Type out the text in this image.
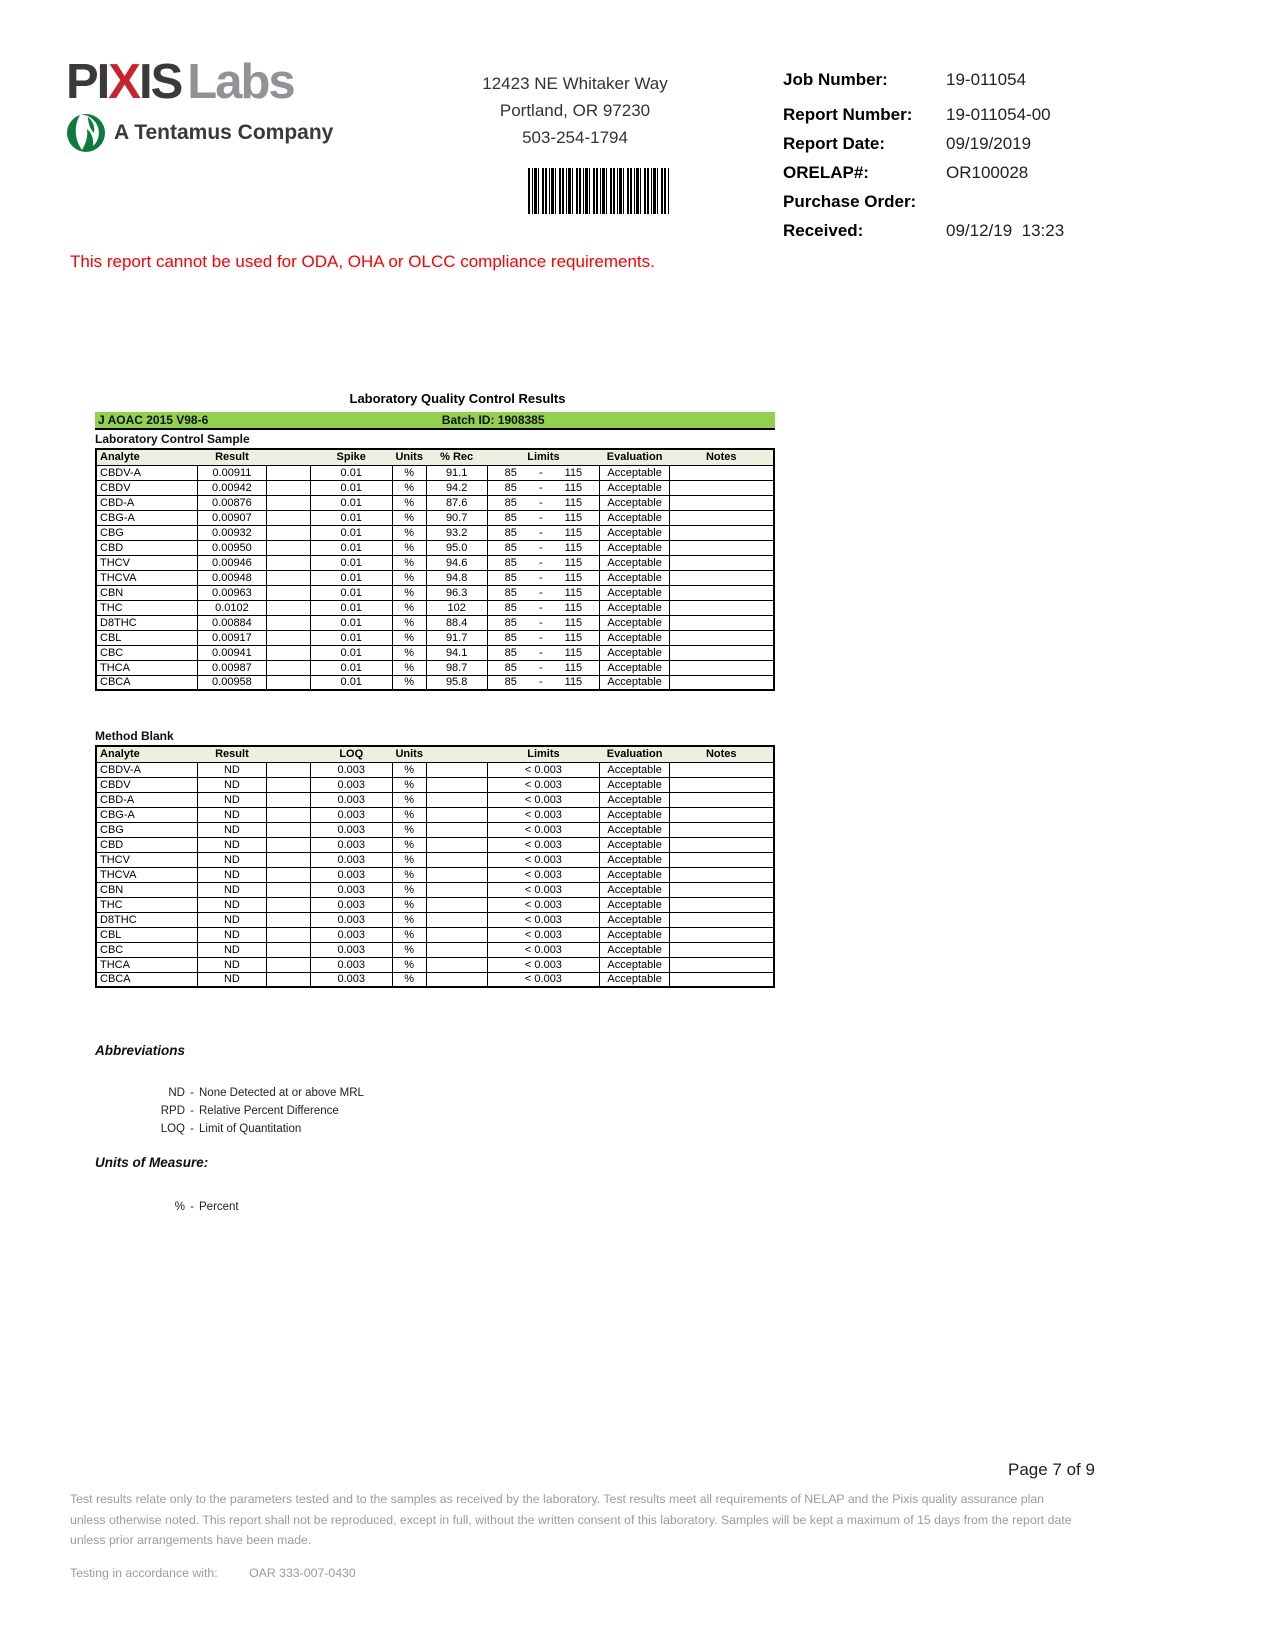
PIXIS Labs
A Tentamus Company
12423 NE Whitaker Way
Portland, OR 97230
503-254-1794
Job Number:	19-011054
Report Number:	19-011054-00
Report Date:	09/19/2019
ORELAP#:	OR100028
Purchase Order:
Received:	09/12/19  13:23
This report cannot be used for ODA, OHA or OLCC compliance requirements.
Laboratory Quality Control Results
J AOAC 2015 V98-6	Batch ID: 1908385
Laboratory Control Sample
Analyte	Result		Spike	Units	% Rec	Limits	Evaluation	Notes
CBDV-A	0.00911		0.01	%	91.1	85 - 115	Acceptable	
CBDV	0.00942		0.01	%	94.2	85 - 115	Acceptable	
CBD-A	0.00876		0.01	%	87.6	85 - 115	Acceptable	
CBG-A	0.00907		0.01	%	90.7	85 - 115	Acceptable	
CBG	0.00932		0.01	%	93.2	85 - 115	Acceptable	
CBD	0.00950		0.01	%	95.0	85 - 115	Acceptable	
THCV	0.00946		0.01	%	94.6	85 - 115	Acceptable	
THCVA	0.00948		0.01	%	94.8	85 - 115	Acceptable	
CBN	0.00963		0.01	%	96.3	85 - 115	Acceptable	
THC	0.0102		0.01	%	102	85 - 115	Acceptable	
D8THC	0.00884		0.01	%	88.4	85 - 115	Acceptable	
CBL	0.00917		0.01	%	91.7	85 - 115	Acceptable	
CBC	0.00941		0.01	%	94.1	85 - 115	Acceptable	
THCA	0.00987		0.01	%	98.7	85 - 115	Acceptable	
CBCA	0.00958		0.01	%	95.8	85 - 115	Acceptable	
Method Blank
Analyte	Result		LOQ	Units		Limits	Evaluation	Notes
CBDV-A	ND		0.003	%		< 0.003	Acceptable	
CBDV	ND		0.003	%		< 0.003	Acceptable	
CBD-A	ND		0.003	%		< 0.003	Acceptable	
CBG-A	ND		0.003	%		< 0.003	Acceptable	
CBG	ND		0.003	%		< 0.003	Acceptable	
CBD	ND		0.003	%		< 0.003	Acceptable	
THCV	ND		0.003	%		< 0.003	Acceptable	
THCVA	ND		0.003	%		< 0.003	Acceptable	
CBN	ND		0.003	%		< 0.003	Acceptable	
THC	ND		0.003	%		< 0.003	Acceptable	
D8THC	ND		0.003	%		< 0.003	Acceptable	
CBL	ND		0.003	%		< 0.003	Acceptable	
CBC	ND		0.003	%		< 0.003	Acceptable	
THCA	ND		0.003	%		< 0.003	Acceptable	
CBCA	ND		0.003	%		< 0.003	Acceptable	
Abbreviations
ND - None Detected at or above MRL
RPD - Relative Percent Difference
LOQ - Limit of Quantitation
Units of Measure:
% - Percent
Page 7 of 9
Test results relate only to the parameters tested and to the samples as received by the laboratory. Test results meet all requirements of NELAP and the Pixis quality assurance plan unless otherwise noted. This report shall not be reproduced, except in full, without the written consent of this laboratory. Samples will be kept a maximum of 15 days from the report date unless prior arrangements have been made.
Testing in accordance with:	OAR 333-007-0430
